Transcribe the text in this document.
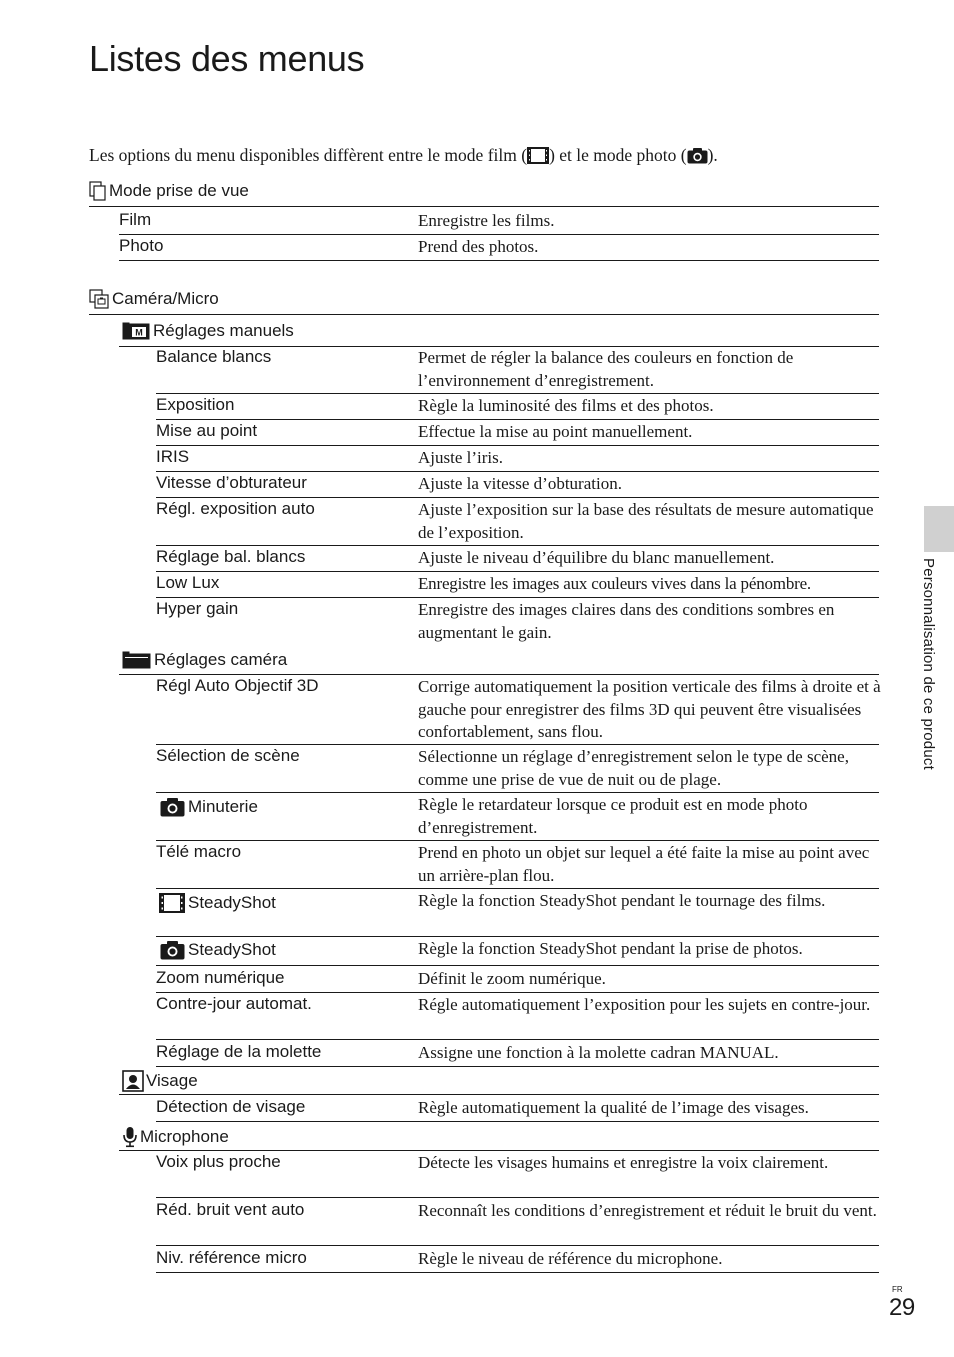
Listes des menus

Les options du menu disponibles diffèrent entre le mode film ( ) et le mode photo ( ).

Mode prise de vue
Film	Enregistre les films.
Photo	Prend des photos.
Caméra/Micro
M Réglages manuels
Balance blancs	Permet de régler la balance des couleurs en fonction de l’environnement d’enregistrement.
Exposition	Règle la luminosité des films et des photos.
Mise au point	Effectue la mise au point manuellement.
IRIS	Ajuste l’iris.
Vitesse d’obturateur	Ajuste la vitesse d’obturation.
Régl. exposition auto	Ajuste l’exposition sur la base des résultats de mesure automatique de l’exposition.
Réglage bal. blancs	Ajuste le niveau d’équilibre du blanc manuellement.
Low Lux	Enregistre les images aux couleurs vives dans la pénombre.
Hyper gain	Enregistre des images claires dans des conditions sombres en augmentant le gain.
Réglages caméra
Régl Auto Objectif 3D	Corrige automatiquement la position verticale des films à droite et à gauche pour enregistrer des films 3D qui peuvent être visualisées confortablement, sans flou.
Sélection de scène	Sélectionne un réglage d’enregistrement selon le type de scène, comme une prise de vue de nuit ou de plage.
Minuterie	Règle le retardateur lorsque ce produit est en mode photo d’enregistrement.
Télé macro	Prend en photo un objet sur lequel a été faite la mise au point avec un arrière-plan flou.
SteadyShot	Règle la fonction SteadyShot pendant le tournage des films.
SteadyShot	Règle la fonction SteadyShot pendant la prise de photos.
Zoom numérique	Définit le zoom numérique.
Contre-jour automat.	Régle automatiquement l’exposition pour les sujets en contre-jour.
Réglage de la molette	Assigne une fonction à la molette cadran MANUAL.
Visage
Détection de visage	Règle automatiquement la qualité de l’image des visages.
Microphone
Voix plus proche	Détecte les visages humains et enregistre la voix clairement.
Réd. bruit vent auto	Reconnaît les conditions d’enregistrement et réduit le bruit du vent.
Niv. référence micro	Règle le niveau de référence du microphone.
Personnalisation de ce product
FR
29
